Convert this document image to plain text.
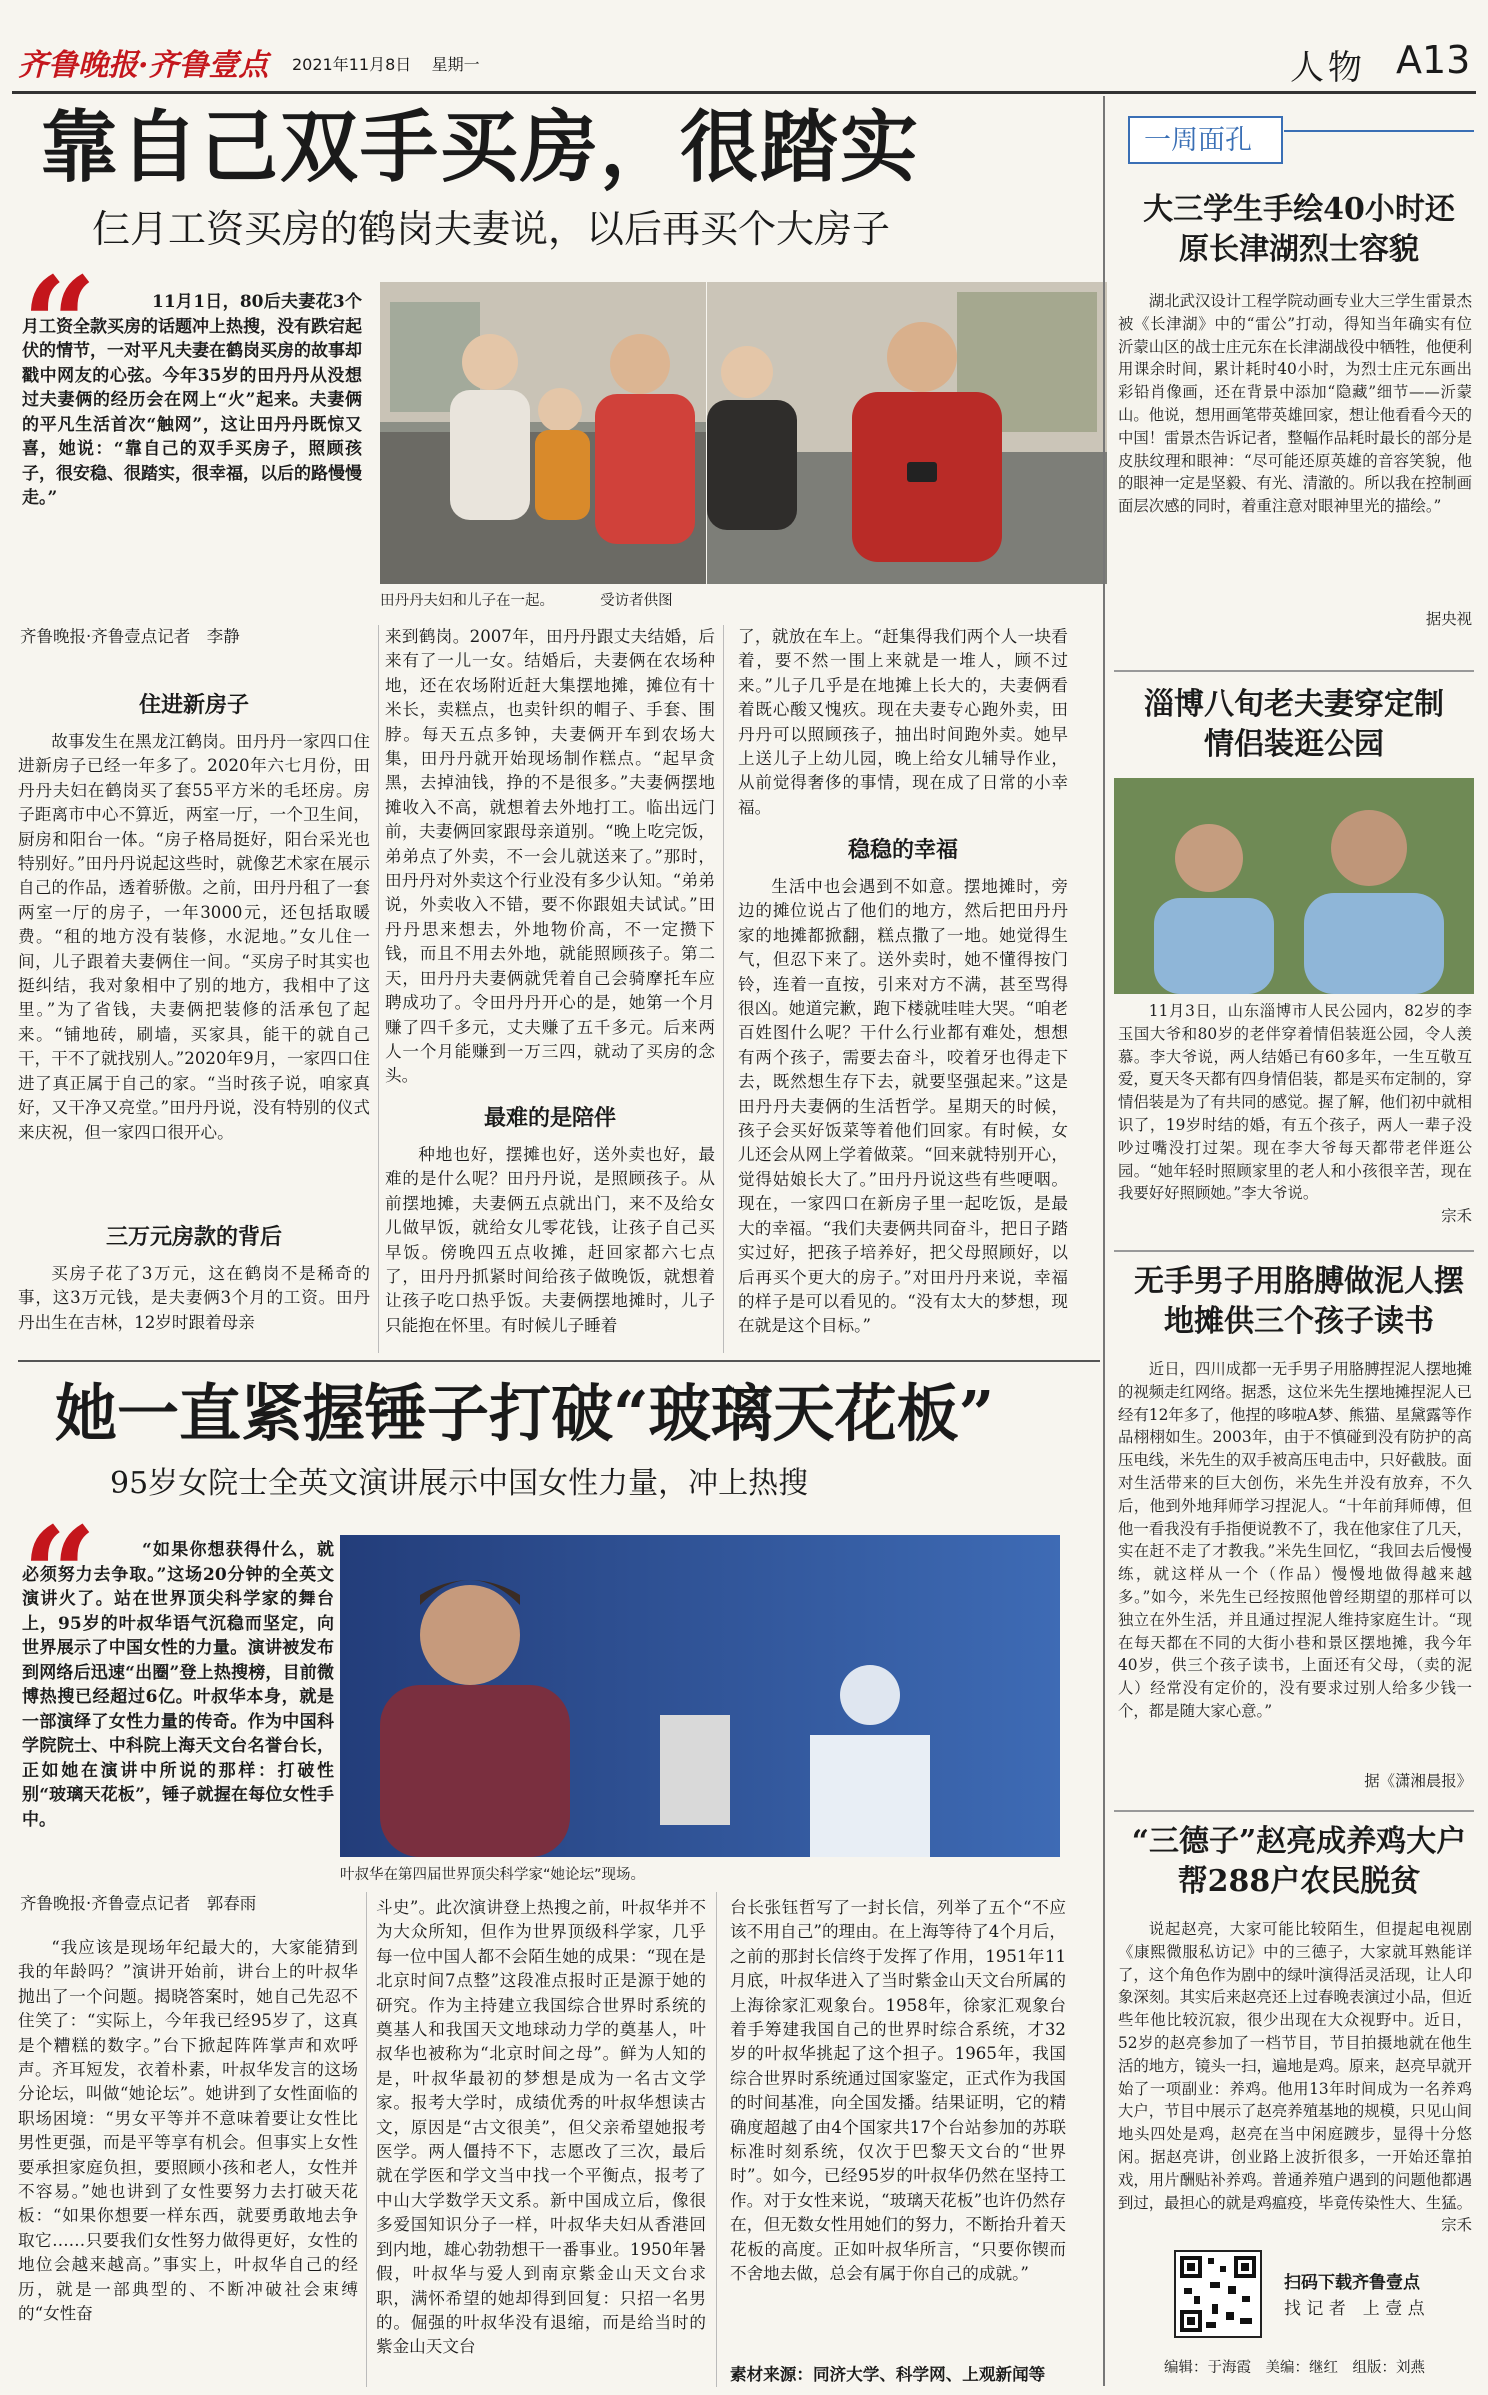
齐鲁晚报·齐鲁壹点 2021年11月8日 星期一	人物 A13
靠自己双手买房，很踏实
仨月工资买房的鹤岗夫妻说，以后再买个大房子
“	11月1日，80后夫妻花3个月工资全款买房的话题冲上热搜，没有跌宕起伏的情节，一对平凡夫妻在鹤岗买房的故事却戳中网友的心弦。今年35岁的田丹丹从没想过夫妻俩的经历会在网上“火”起来。夫妻俩的平凡生活首次“触网”，这让田丹丹既惊又喜，她说：“靠自己的双手买房子，照顾孩子，很安稳、很踏实，很幸福，以后的路慢慢走。”
田丹丹夫妇和儿子在一起。	受访者供图
齐鲁晚报·齐鲁壹点记者　李静
住进新房子

故事发生在黑龙江鹤岗。田丹丹一家四口住进新房子已经一年多了。2020年六七月份，田丹丹夫妇在鹤岗买了套55平方米的毛坯房。房子距离市中心不算近，两室一厅，一个卫生间，厨房和阳台一体。“房子格局挺好，阳台采光也特别好。”田丹丹说起这些时，就像艺术家在展示自己的作品，透着骄傲。之前，田丹丹租了一套两室一厅的房子，一年3000元，还包括取暖费。“租的地方没有装修，水泥地。”女儿住一间，儿子跟着夫妻俩住一间。“买房子时其实也挺纠结，我对象相中了别的地方，我相中了这里。”为了省钱，夫妻俩把装修的活承包了起来。“铺地砖，刷墙，买家具，能干的就自己干，干不了就找别人。”2020年9月，一家四口住进了真正属于自己的家。“当时孩子说，咱家真好，又干净又亮堂。”田丹丹说，没有特别的仪式来庆祝，但一家四口很开心。

三万元房款的背后

买房子花了3万元，这在鹤岗不是稀奇的事，这3万元钱，是夫妻俩3个月的工资。田丹丹出生在吉林，12岁时跟着母亲

来到鹤岗。2007年，田丹丹跟丈夫结婚，后来有了一儿一女。结婚后，夫妻俩在农场种地，还在农场附近赶大集摆地摊，摊位有十米长，卖糕点，也卖针织的帽子、手套、围脖。每天五点多钟，夫妻俩开车到农场大集，田丹丹就开始现场制作糕点。“起早贪黑，去掉油钱，挣的不是很多。”夫妻俩摆地摊收入不高，就想着去外地打工。临出远门前，夫妻俩回家跟母亲道别。“晚上吃完饭，弟弟点了外卖，不一会儿就送来了。”那时，田丹丹对外卖这个行业没有多少认知。“弟弟说，外卖收入不错，要不你跟姐夫试试。”田丹丹思来想去，外地物价高，不一定攒下钱，而且不用去外地，就能照顾孩子。第二天，田丹丹夫妻俩就凭着自己会骑摩托车应聘成功了。令田丹丹开心的是，她第一个月赚了四千多元，丈夫赚了五千多元。后来两人一个月能赚到一万三四，就动了买房的念头。

最难的是陪伴

种地也好，摆摊也好，送外卖也好，最难的是什么呢？田丹丹说，是照顾孩子。从前摆地摊，夫妻俩五点就出门，来不及给女儿做早饭，就给女儿零花钱，让孩子自己买早饭。傍晚四五点收摊，赶回家都六七点了，田丹丹抓紧时间给孩子做晚饭，就想着让孩子吃口热乎饭。夫妻俩摆地摊时，儿子只能抱在怀里。有时候儿子睡着

了，就放在车上。“赶集得我们两个人一块看着，要不然一围上来就是一堆人，顾不过来。”儿子几乎是在地摊上长大的，夫妻俩看着既心酸又愧疚。现在夫妻专心跑外卖，田丹丹可以照顾孩子，抽出时间跑外卖。她早上送儿子上幼儿园，晚上给女儿辅导作业，从前觉得奢侈的事情，现在成了日常的小幸福。

稳稳的幸福

生活中也会遇到不如意。摆地摊时，旁边的摊位说占了他们的地方，然后把田丹丹家的地摊都掀翻，糕点撒了一地。她觉得生气，但忍下来了。送外卖时，她不懂得按门铃，连着一直按，引来对方不满，甚至骂得很凶。她道完歉，跑下楼就哇哇大哭。“咱老百姓图什么呢？干什么行业都有难处，想想有两个孩子，需要去奋斗，咬着牙也得走下去，既然想生存下去，就要坚强起来。”这是田丹丹夫妻俩的生活哲学。星期天的时候，孩子会买好饭菜等着他们回家。有时候，女儿还会从网上学着做菜。“回来就特别开心，觉得姑娘长大了。”田丹丹说这些有些哽咽。现在，一家四口在新房子里一起吃饭，是最大的幸福。“我们夫妻俩共同奋斗，把日子踏实过好，把孩子培养好，把父母照顾好，以后再买个更大的房子。”对田丹丹来说，幸福的样子是可以看见的。“没有太大的梦想，现在就是这个目标。”

她一直紧握锤子打破“玻璃天花板”
95岁女院士全英文演讲展示中国女性力量，冲上热搜
“	“如果你想获得什么，就必须努力去争取。”这场20分钟的全英文演讲火了。站在世界顶尖科学家的舞台上，95岁的叶叔华语气沉稳而坚定，向世界展示了中国女性的力量。演讲被发布到网络后迅速“出圈”登上热搜榜，目前微博热搜已经超过6亿。叶叔华本身，就是一部演绎了女性力量的传奇。作为中国科学院院士、中科院上海天文台名誉台长，正如她在演讲中所说的那样：打破性别“玻璃天花板”，锤子就握在每位女性手中。
叶叔华在第四届世界顶尖科学家“她论坛”现场。
齐鲁晚报·齐鲁壹点记者　郭春雨

“我应该是现场年纪最大的，大家能猜到我的年龄吗？”演讲开始前，讲台上的叶叔华抛出了一个问题。揭晓答案时，她自己先忍不住笑了：“实际上，今年我已经95岁了，这真是个糟糕的数字。”台下掀起阵阵掌声和欢呼声。齐耳短发，衣着朴素，叶叔华发言的这场分论坛，叫做“她论坛”。她讲到了女性面临的职场困境：“男女平等并不意味着要让女性比男性更强，而是平等享有机会。但事实上女性要承担家庭负担，要照顾小孩和老人，女性并不容易。”她也讲到了女性要努力去打破天花板：“如果你想要一样东西，就要勇敢地去争取它……只要我们女性努力做得更好，女性的地位会越来越高。”事实上，叶叔华自己的经历，就是一部典型的、不断冲破社会束缚的“女性奋

斗史”。此次演讲登上热搜之前，叶叔华并不为大众所知，但作为世界顶级科学家，几乎每一位中国人都不会陌生她的成果：“现在是北京时间7点整”这段准点报时正是源于她的研究。作为主持建立我国综合世界时系统的奠基人和我国天文地球动力学的奠基人，叶叔华也被称为“北京时间之母”。鲜为人知的是，叶叔华最初的梦想是成为一名古文学家。报考大学时，成绩优秀的叶叔华想读古文，原因是“古文很美”，但父亲希望她报考医学。两人僵持不下，志愿改了三次，最后就在学医和学文当中找一个平衡点，报考了中山大学数学天文系。新中国成立后，像很多爱国知识分子一样，叶叔华夫妇从香港回到内地，雄心勃勃想干一番事业。1950年暑假，叶叔华与爱人到南京紫金山天文台求职，满怀希望的她却得到回复：只招一名男的。倔强的叶叔华没有退缩，而是给当时的紫金山天文台

台长张钰哲写了一封长信，列举了五个“不应该不用自己”的理由。在上海等待了4个月后，之前的那封长信终于发挥了作用，1951年11月底，叶叔华进入了当时紫金山天文台所属的上海徐家汇观象台。1958年，徐家汇观象台着手筹建我国自己的世界时综合系统，才32岁的叶叔华挑起了这个担子。1965年，我国综合世界时系统通过国家鉴定，正式作为我国的时间基准，向全国发播。结果证明，它的精确度超越了由4个国家共17个台站参加的苏联标准时刻系统，仅次于巴黎天文台的“世界时”。如今，已经95岁的叶叔华仍然在坚持工作。对于女性来说，“玻璃天花板”也许仍然存在，但无数女性用她们的努力，不断抬升着天花板的高度。正如叶叔华所言，“只要你锲而不舍地去做，总会有属于你自己的成就。”

素材来源：同济大学、科学网、上观新闻等

一周面孔
大三学生手绘40小时还原长津湖烈士容貌

湖北武汉设计工程学院动画专业大三学生雷景杰被《长津湖》中的“雷公”打动，得知当年确实有位沂蒙山区的战士庄元东在长津湖战役中牺牲，他便利用课余时间，累计耗时40小时，为烈士庄元东画出彩铅肖像画，还在背景中添加“隐藏”细节——沂蒙山。他说，想用画笔带英雄回家，想让他看看今天的中国！雷景杰告诉记者，整幅作品耗时最长的部分是皮肤纹理和眼神：“尽可能还原英雄的音容笑貌，他的眼神一定是坚毅、有光、清澈的。所以我在控制画面层次感的同时，着重注意对眼神里光的描绘。”

据央视

淄博八旬老夫妻穿定制情侣装逛公园

11月3日，山东淄博市人民公园内，82岁的李玉国大爷和80岁的老伴穿着情侣装逛公园，令人羡慕。李大爷说，两人结婚已有60多年，一生互敬互爱，夏天冬天都有四身情侣装，都是买布定制的，穿情侣装是为了有共同的感觉。握了解，他们初中就相识了，19岁时结的婚，有五个孩子，两人一辈子没吵过嘴没打过架。现在李大爷每天都带老伴逛公园。“她年轻时照顾家里的老人和小孩很辛苦，现在我要好好照顾她。”李大爷说。

宗禾

无手男子用胳膊做泥人摆地摊供三个孩子读书

近日，四川成都一无手男子用胳膊捏泥人摆地摊的视频走红网络。据悉，这位米先生摆地摊捏泥人已经有12年多了，他捏的哆啦A梦、熊猫、星黛露等作品栩栩如生。2003年，由于不慎碰到没有防护的高压电线，米先生的双手被高压电击中，只好截肢。面对生活带来的巨大创伤，米先生并没有放弃，不久后，他到外地拜师学习捏泥人。“十年前拜师傅，但他一看我没有手指便说教不了，我在他家住了几天，实在赶不走了才教我。”米先生回忆，“我回去后慢慢练，就这样从一个（作品）慢慢地做得越来越多。”如今，米先生已经按照他曾经期望的那样可以独立在外生活，并且通过捏泥人维持家庭生计。“现在每天都在不同的大街小巷和景区摆地摊，我今年40岁，供三个孩子读书，上面还有父母，（卖的泥人）经常没有定价的，没有要求过别人给多少钱一个，都是随大家心意。”

据《潇湘晨报》

“三德子”赵亮成养鸡大户帮288户农民脱贫

说起赵亮，大家可能比较陌生，但提起电视剧《康熙微服私访记》中的三德子，大家就耳熟能详了，这个角色作为剧中的绿叶演得活灵活现，让人印象深刻。其实后来赵亮还上过春晚表演过小品，但近些年他比较沉寂，很少出现在大众视野中。近日，52岁的赵亮参加了一档节目，节目拍摄地就在他生活的地方，镜头一扫，遍地是鸡。原来，赵亮早就开始了一项副业：养鸡。他用13年时间成为一名养鸡大户，节目中展示了赵亮养殖基地的规模，只见山间地头四处是鸡，赵亮在当中闲庭踱步，显得十分悠闲。据赵亮讲，创业路上波折很多，一开始还靠拍戏，用片酬贴补养鸡。普通养殖户遇到的问题他都遇到过，最担心的就是鸡瘟疫，毕竟传染性大、生猛。

宗禾

扫码下载齐鲁壹点
找 记 者　上 壹 点
编辑：于海霞　美编：继红　组版：刘燕
